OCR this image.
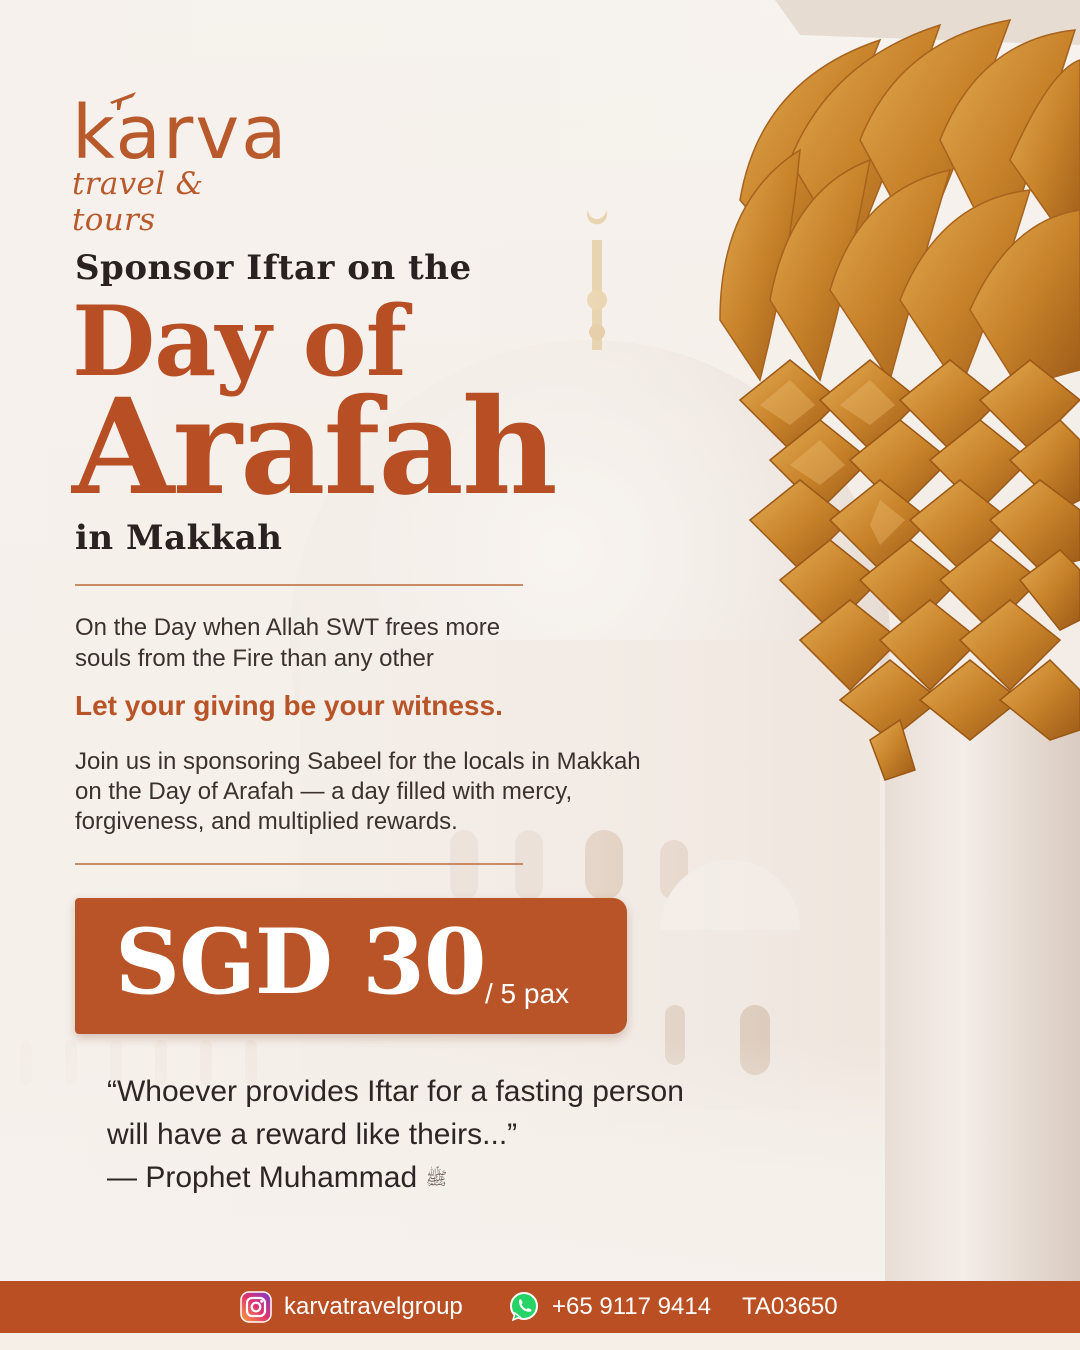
karva
travel & tours
Sponsor Iftar on the
Day of
Arafah
in Makkah
On the Day when Allah SWT frees more
souls from the Fire than any other
Let your giving be your witness.
Join us in sponsoring Sabeel for the locals in Makkah
on the Day of Arafah — a day filled with mercy,
forgiveness, and multiplied rewards.
SGD 30 / 5 pax
“Whoever provides Iftar for a fasting person
will have a reward like theirs...”
— Prophet Muhammad ﷺ
karvatravelgroup	+65 9117 9414 TA03650
